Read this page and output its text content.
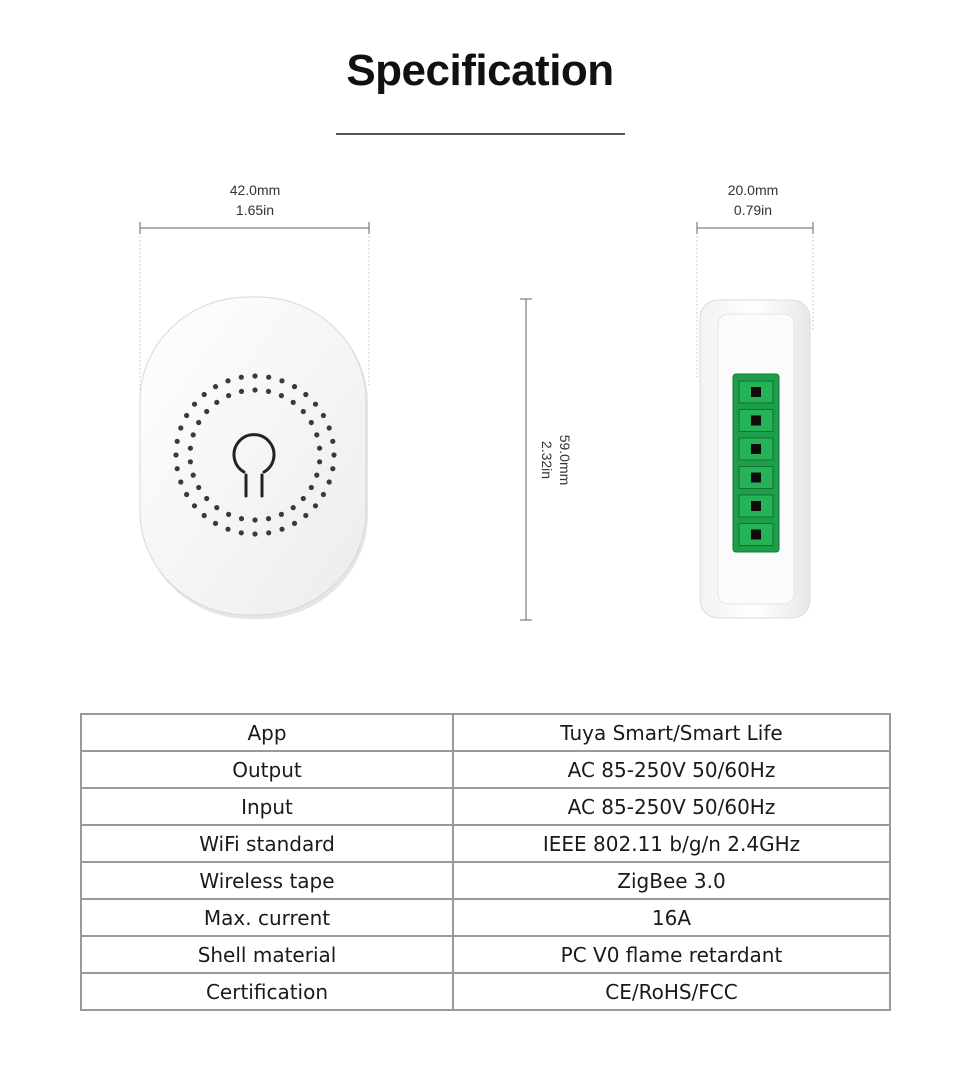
Specification
42.0mm
1.65in
20.0mm
0.79in
59.0mm
2.32in
App	Tuya Smart/Smart Life
Output	AC 85-250V 50/60Hz
Input	AC 85-250V 50/60Hz
WiFi standard	IEEE 802.11 b/g/n 2.4GHz
Wireless tape	ZigBee 3.0
Max. current	16A
Shell material	PC V0 flame retardant
Certification	CE/RoHS/FCC
